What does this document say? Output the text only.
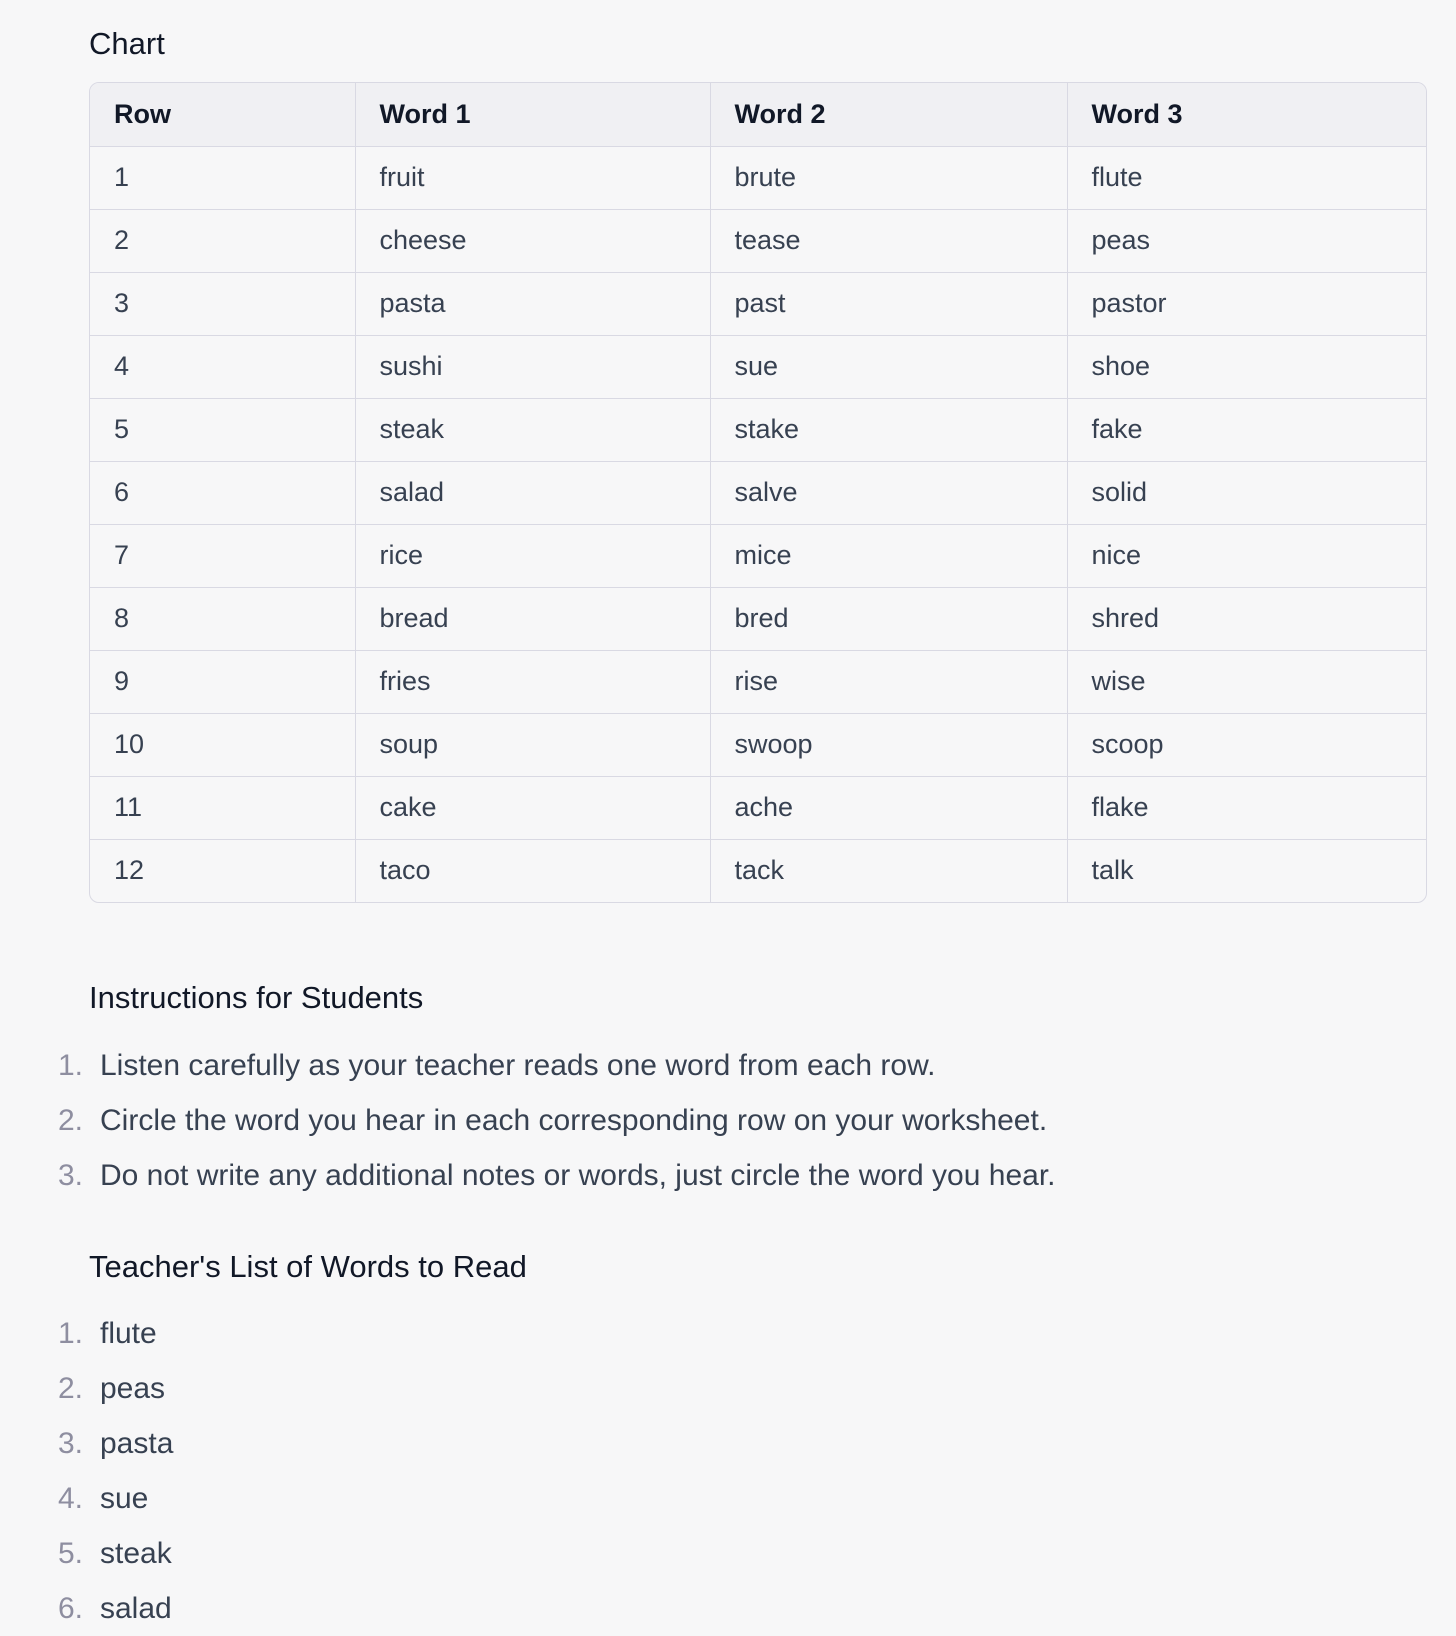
Chart
Row	Word 1	Word 2	Word 3
1	fruit	brute	flute
2	cheese	tease	peas
3	pasta	past	pastor
4	sushi	sue	shoe
5	steak	stake	fake
6	salad	salve	solid
7	rice	mice	nice
8	bread	bred	shred
9	fries	rise	wise
10	soup	swoop	scoop
11	cake	ache	flake
12	taco	tack	talk
Instructions for Students
1. Listen carefully as your teacher reads one word from each row.
2. Circle the word you hear in each corresponding row on your worksheet.
3. Do not write any additional notes or words, just circle the word you hear.
Teacher's List of Words to Read
1. flute
2. peas
3. pasta
4. sue
5. steak
6. salad
